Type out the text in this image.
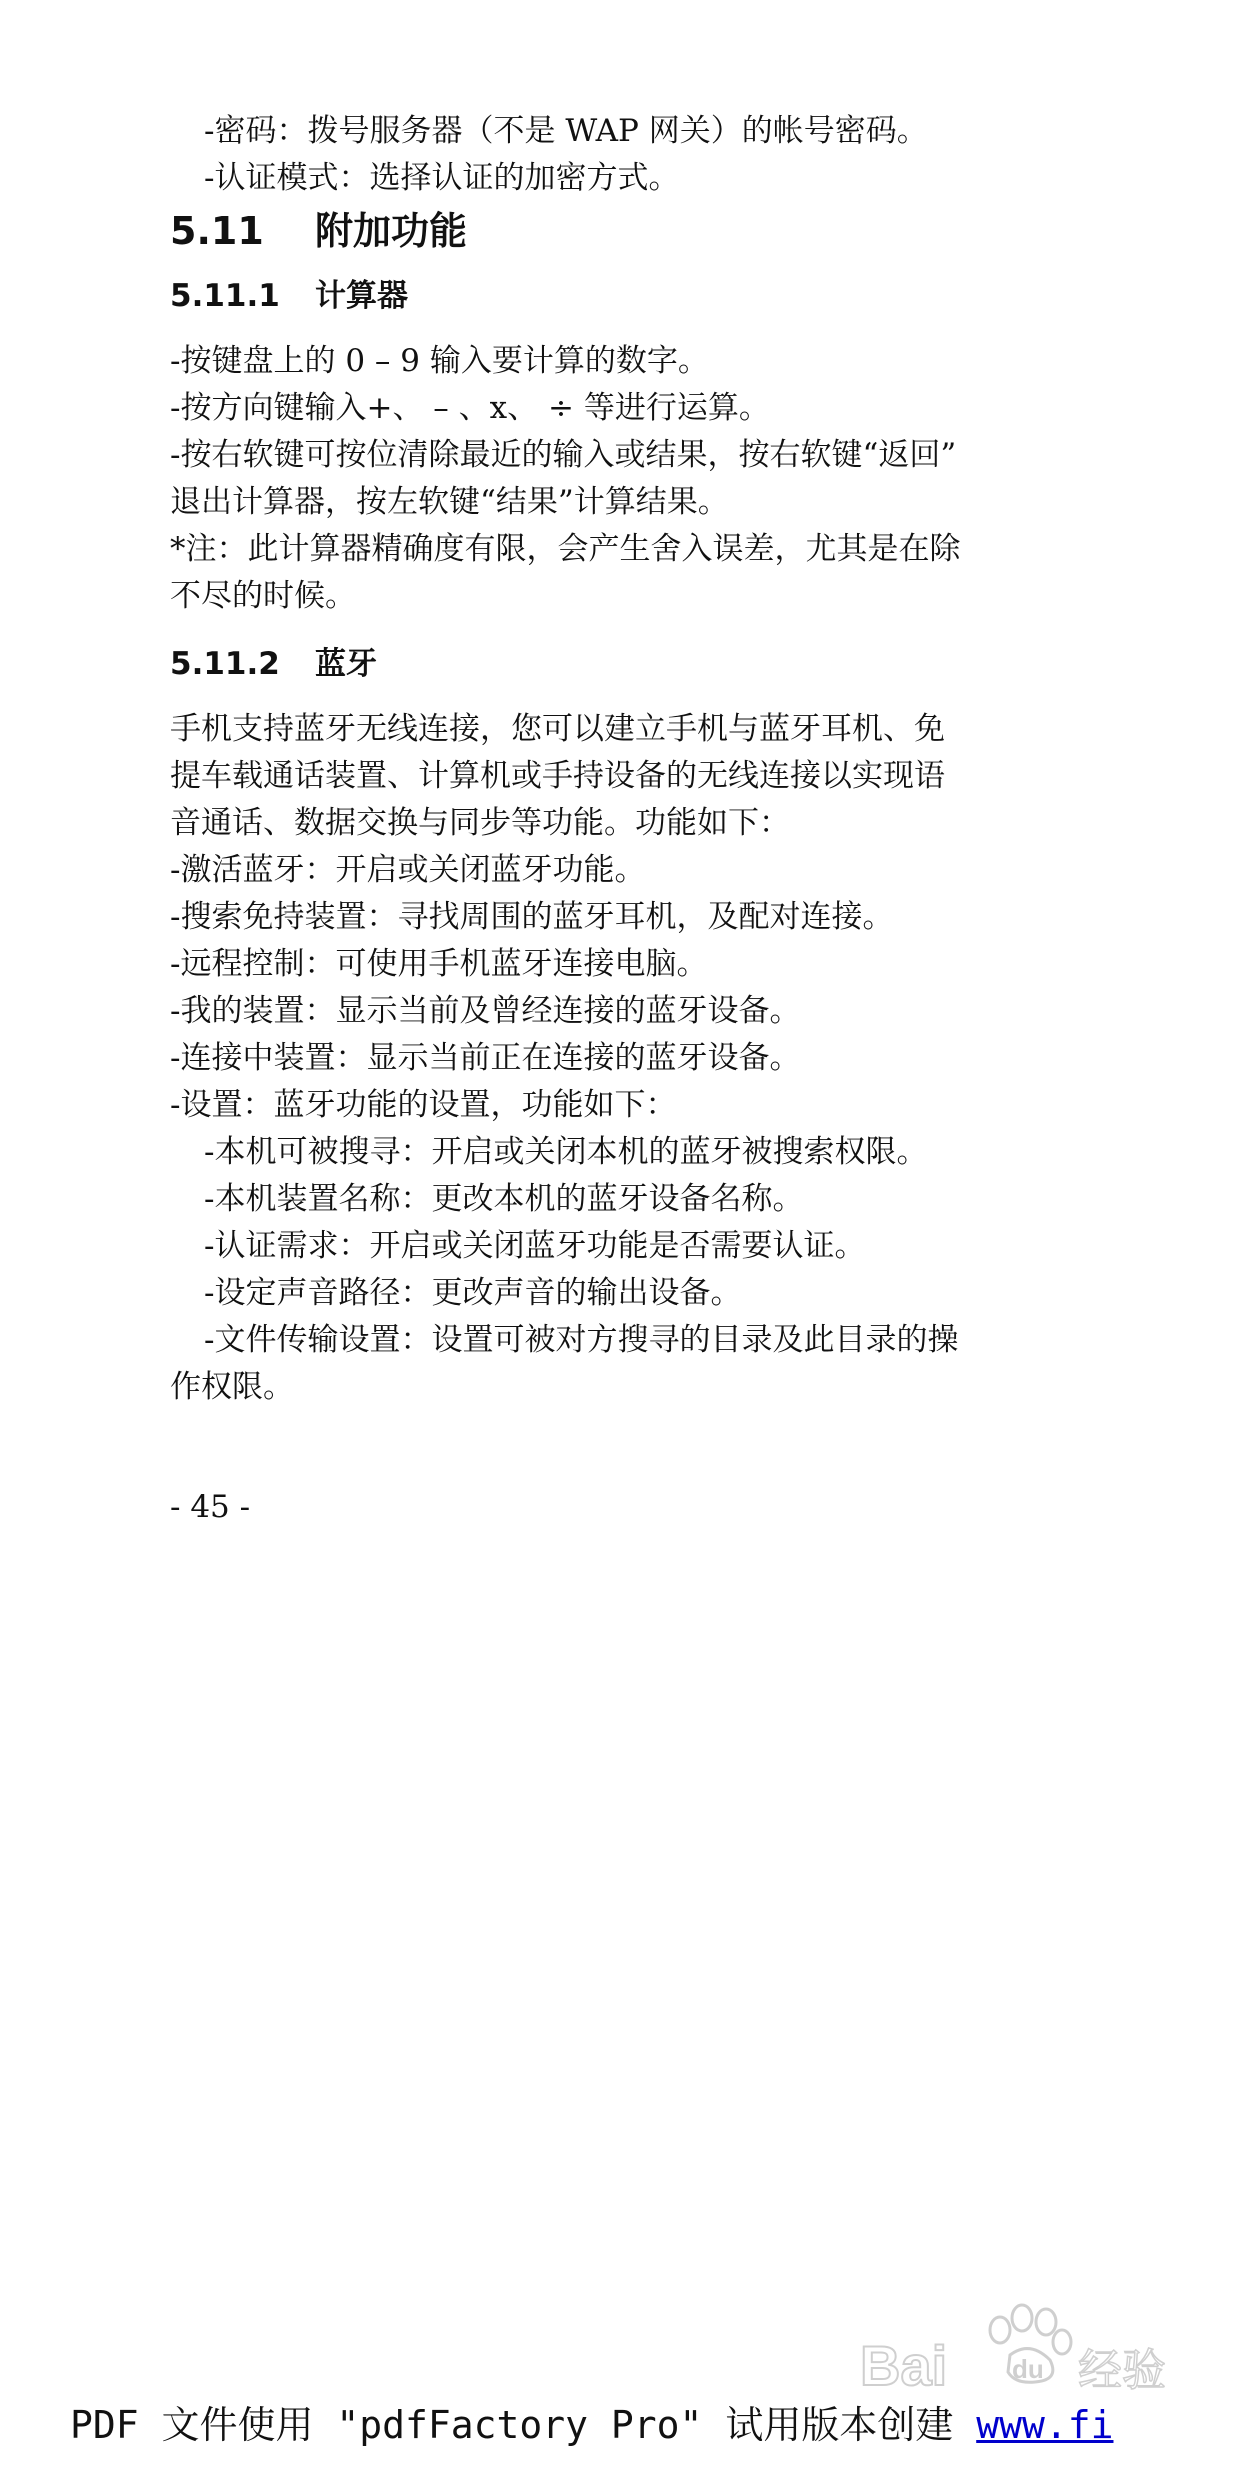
-密码：拨号服务器（不是 WAP 网关）的帐号密码。
-认证模式：选择认证的加密方式。
5.11 附加功能
5.11.1 计算器
-按键盘上的 0 – 9 输入要计算的数字。
-按方向键输入+、 – 、x、 ÷ 等进行运算。
-按右软键可按位清除最近的输入或结果，按右软键“返回”
退出计算器，按左软键“结果”计算结果。
*注：此计算器精确度有限，会产生舍入误差，尤其是在除
不尽的时候。
5.11.2 蓝牙
手机支持蓝牙无线连接，您可以建立手机与蓝牙耳机、免
提车载通话装置、计算机或手持设备的无线连接以实现语
音通话、数据交换与同步等功能。功能如下：
-激活蓝牙：开启或关闭蓝牙功能。
-搜索免持装置：寻找周围的蓝牙耳机，及配对连接。
-远程控制：可使用手机蓝牙连接电脑。
-我的装置：显示当前及曾经连接的蓝牙设备。
-连接中装置：显示当前正在连接的蓝牙设备。
-设置：蓝牙功能的设置，功能如下：
-本机可被搜寻：开启或关闭本机的蓝牙被搜索权限。
-本机装置名称：更改本机的蓝牙设备名称。
-认证需求：开启或关闭蓝牙功能是否需要认证。
-设定声音路径：更改声音的输出设备。
-文件传输设置：设置可被对方搜寻的目录及此目录的操
作权限。
- 45 -
Bai du 经验
PDF 文件使用 "pdfFactory Pro" 试用版本创建 www.fi
